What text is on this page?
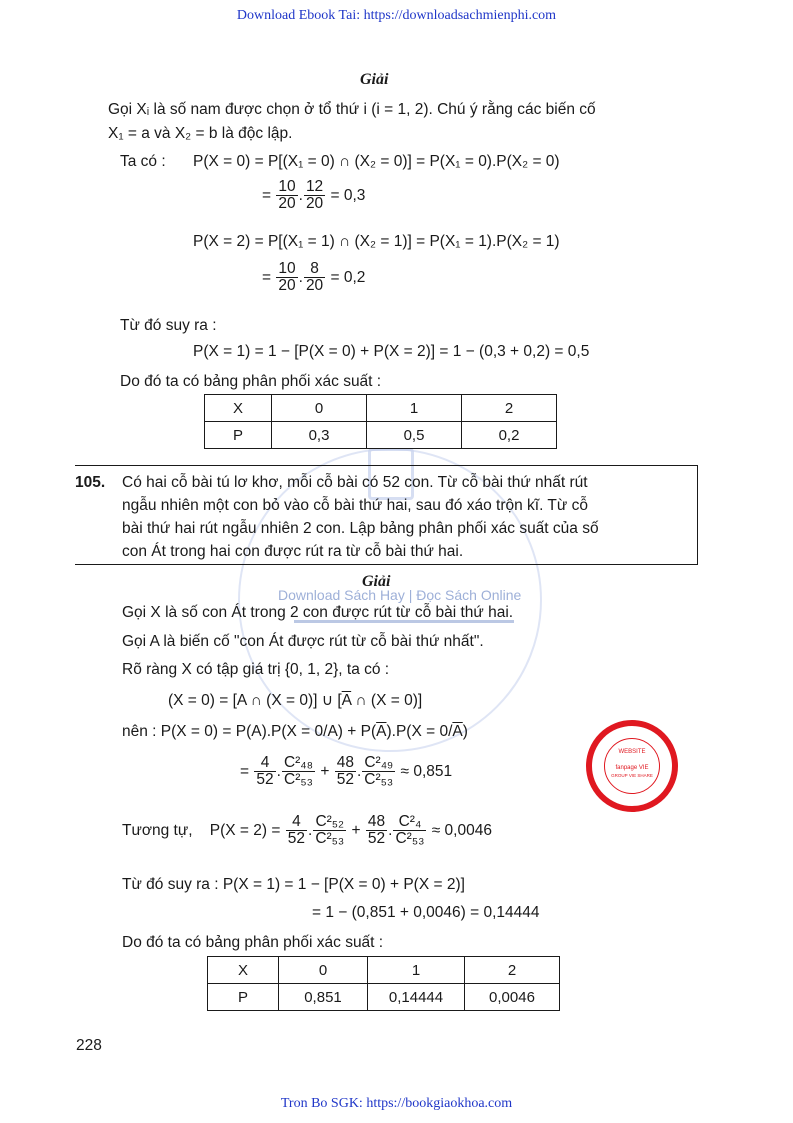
Download Ebook Tai: https://downloadsachmienphi.com
Tron Bo SGK: https://bookgiaokhoa.com
Download Sách Hay | Đọc Sách Online
Giải
Gọi Xᵢ là số nam được chọn ở tổ thứ i (i = 1, 2). Chú ý rằng các biến cố
X₁ = a và X₂ = b là độc lập.
Ta có : P(X = 0) = P[(X₁ = 0) ∩ (X₂ = 0)] = P(X₁ = 0).P(X₂ = 0)
= $\frac{10}{20}$ . $\frac{12}{20} = 0,3$
P(X = 2) = P[(X₁ = 1) ∩ (X₂ = 1)] = P(X₁ = 1).P(X₂ = 1)
= $\frac{10}{20}$ . $\frac{8}{20} = 0,2$
Từ đó suy ra :
P(X = 1) = 1 − [P(X = 0) + P(X = 2)] = 1 − (0,3 + 0,2) = 0,5
Do đó ta có bảng phân phối xác suất :
X	0	1	2
P	0,3	0,5	0,2
105. Có hai cỗ bài tú lơ khơ, mỗi cỗ bài có 52 con. Từ cỗ bài thứ nhất rút
ngẫu nhiên một con bỏ vào cỗ bài thứ hai, sau đó xáo trộn kĩ. Từ cỗ
bài thứ hai rút ngẫu nhiên 2 con. Lập bảng phân phối xác suất của số
con Át trong hai con được rút ra từ cỗ bài thứ hai.
Giải
Gọi X là số con Át trong 2 con được rút từ cỗ bài thứ hai.
Gọi A là biến cố "con Át được rút từ cỗ bài thứ nhất".
Rõ ràng X có tập giá trị {0, 1, 2}, ta có :
(X = 0) = [A ∩ (X = 0)] ∪ [$\overline{A}$ ∩ (X = 0)]
nên : $P(X = 0) = P(A).P(X = 0/A) + P(\overline{A}).P(X = 0/\overline{A})$
= $\frac{4}{52}$ . $\frac{\text{C²₄₈}}{\text{C²₅₃}} + \frac{48}{52}$ . $\frac{\text{C²₄₉}}{\text{C²₅₃}} \approx 0,851$
Tương tự, $P(X = 2) = \frac{4}{52}$ . $\frac{\text{C²₅₂}}{\text{C²₅₃}} + \frac{48}{52}$ . $\frac{\text{C²₄}}{\text{C²₅₃}} \approx 0,0046$
Từ đó suy ra : P(X = 1) = 1 − [P(X = 0) + P(X = 2)]
= 1 − (0,851 + 0,0046) = 0,14444
Do đó ta có bảng phân phối xác suất :
X	0	1	2
P	0,851	0,14444	0,0046
228
WEBSITE
fanpage VIE
GROUP VIE SHARE
